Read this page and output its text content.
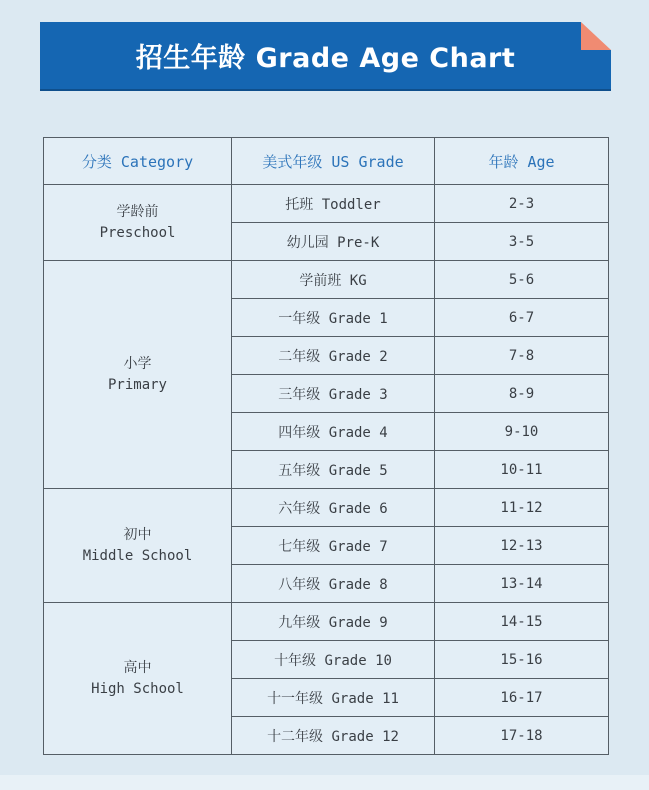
招生年龄 Grade Age Chart
分类 Category	美式年级 US Grade	年龄 Age

学龄前
Preschool	托班 Toddler	2-3
	幼儿园 Pre-K	3-5

小学
Primary	学前班 KG	5-6
	一年级 Grade 1	6-7
	二年级 Grade 2	7-8
	三年级 Grade 3	8-9
	四年级 Grade 4	9-10
	五年级 Grade 5	10-11

初中
Middle School	六年级 Grade 6	11-12
	七年级 Grade 7	12-13
	八年级 Grade 8	13-14

高中
High School	九年级 Grade 9	14-15
	十年级 Grade 10	15-16
	十一年级 Grade 11	16-17
	十二年级 Grade 12	17-18
